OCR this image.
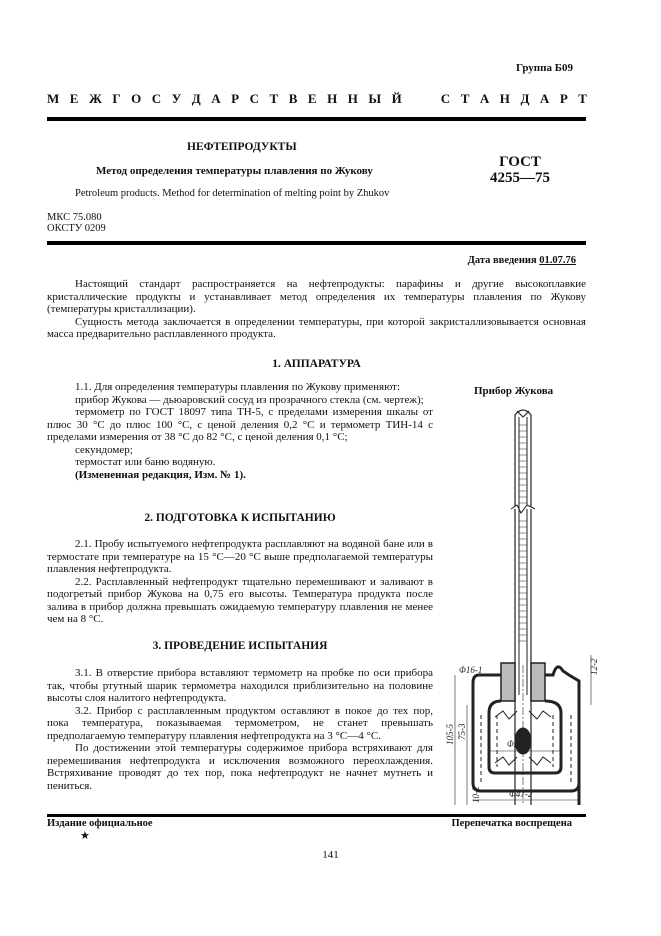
Группа Б09
М Е Ж Г О С У Д А Р С Т В Е Н Н Ы Й	С Т А Н Д А Р Т
НЕФТЕПРОДУКТЫ
Метод определения температуры плавления по Жукову
Petroleum products. Method for determination of melting point by Zhukov
ГОСТ
4255—75
МКС 75.080
ОКСТУ 0209
Дата введения 01.07.76

Настоящий стандарт распространяется на нефтепродукты: парафины и другие высокоплавкие кристаллические продукты и устанавливает метод определения их температуры плавления по Жукову (температуры кристаллизации).

Сущность метода заключается в определении температуры, при которой закристаллизовывается основная масса предварительно расплавленного продукта.

1. АППАРАТУРА

1.1. Для определения температуры плавления по Жукову применяют:

прибор Жукова — дьюаровский сосуд из прозрачного стекла (см. чертеж);

термометр по ГОСТ 18097 типа ТН-5, с пределами измерения шкалы от плюс 30 °С до плюс 100 °С, с ценой деления 0,2 °С и термометр ТИН-14 с пределами измерения от 38 °С до 82 °С, с ценой деления 0,1 °С;

секундомер;

термостат или баню водяную.

(Измененная редакция, Изм. № 1).

2. ПОДГОТОВКА К ИСПЫТАНИЮ

2.1. Пробу испытуемого нефтепродукта расплавляют на водяной бане или в термостате при температуре на 15 °С—20 °С выше предполагаемой температуры плавления нефтепродукта.

2.2. Расплавленный нефтепродукт тщательно перемешивают и заливают в подогретый прибор Жукова на 0,75 его высоты. Температура продукта после залива в прибор должна превышать ожидаемую температуру плавления не менее чем на 8 °С.

3. ПРОВЕДЕНИЕ ИСПЫТАНИЯ

3.1. В отверстие прибора вставляют термометр на пробке по оси прибора так, чтобы ртутный шарик термометра находился приблизительно на половине высоты слоя налитого нефтепродукта.

3.2. Прибор с расплавленным продуктом оставляют в покое до тех пор, пока температура, показываемая термометром, не станет превышать предполагаемую температуру плавления нефтепродукта на 3 °С—4 °С.

По достижении этой температуры содержимое прибора встряхивают для перемешивания нефтепродукта и исключения возможного переохлаждения. Встряхивание проводят до тех пор, пока нефтепродукт не начнет мутнеть и пениться.

Прибор Жукова
Φ16-1	12-2
105-5 75-3
Φ25-2
10-2	Φ47-2
Издание официальное
★
Перепечатка воспрещена
141
